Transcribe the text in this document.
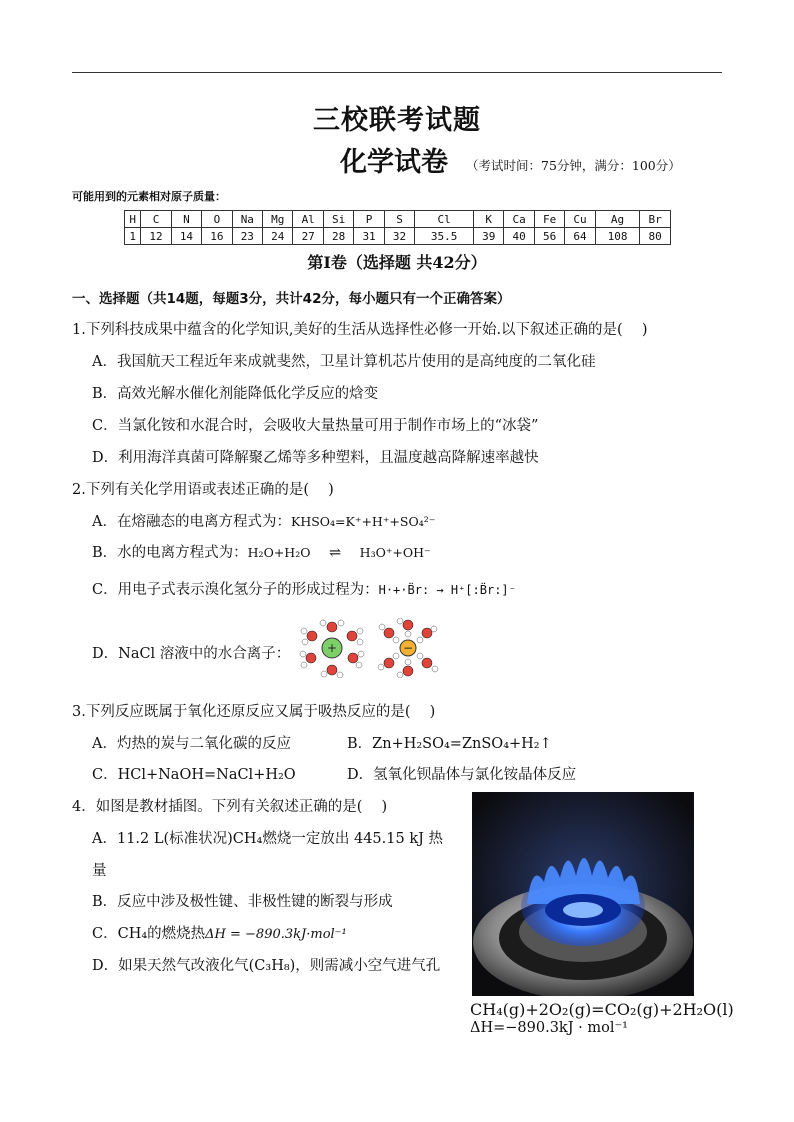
三校联考试题
化学试卷 （考试时间：75分钟，满分：100分）
可能用到的元素相对原子质量：
H	C	N	O	Na	Mg	Al	Si	P	S	Cl	K	Ca	Fe	Cu	Ag	Br
1	12	14	16	23	24	27	28	31	32	35.5	39	40	56	64	108	80
第Ⅰ卷（选择题 共42分）
一、选择题（共14题，每题3分，共计42分，每小题只有一个正确答案）
1.下列科技成果中蕴含的化学知识,美好的生活从选择性必修一开始.以下叙述正确的是(　 )
A．我国航天工程近年来成就斐然，卫星计算机芯片使用的是高纯度的二氧化硅
B．高效光解水催化剂能降低化学反应的焓变
C．当氯化铵和水混合时，会吸收大量热量可用于制作市场上的“冰袋”
D．利用海洋真菌可降解聚乙烯等多种塑料，且温度越高降解速率越快
2.下列有关化学用语或表述正确的是(　 )
A．在熔融态的电离方程式为：KHSO₄=K⁺+H⁺+SO₄²⁻
B．水的电离方程式为：H₂O+H₂O ⇌ H₃O⁺+OH⁻
C．用电子式表示溴化氢分子的形成过程为：H·+·B̈r: → H⁺[:B̈r:]⁻
D．NaCl 溶液中的水合离子：	+	−
3.下列反应既属于氧化还原反应又属于吸热反应的是(　 )
A．灼热的炭与二氧化碳的反应	B．Zn+H₂SO₄=ZnSO₄+H₂↑
C．HCl+NaOH=NaCl+H₂O	D．氢氧化钡晶体与氯化铵晶体反应
4．如图是教材插图。下列有关叙述正确的是(　 )
A．11.2 L(标准状况)CH₄燃烧一定放出 445.15 kJ 热
量
B．反应中涉及极性键、非极性键的断裂与形成
C．CH₄的燃烧热ΔH = −890.3kJ·mol⁻¹
D．如果天然气改液化气(C₃H₈)，则需减小空气进气孔
CH₄(g)+2O₂(g)=CO₂(g)+2H₂O(l)
ΔH=−890.3kJ · mol⁻¹
